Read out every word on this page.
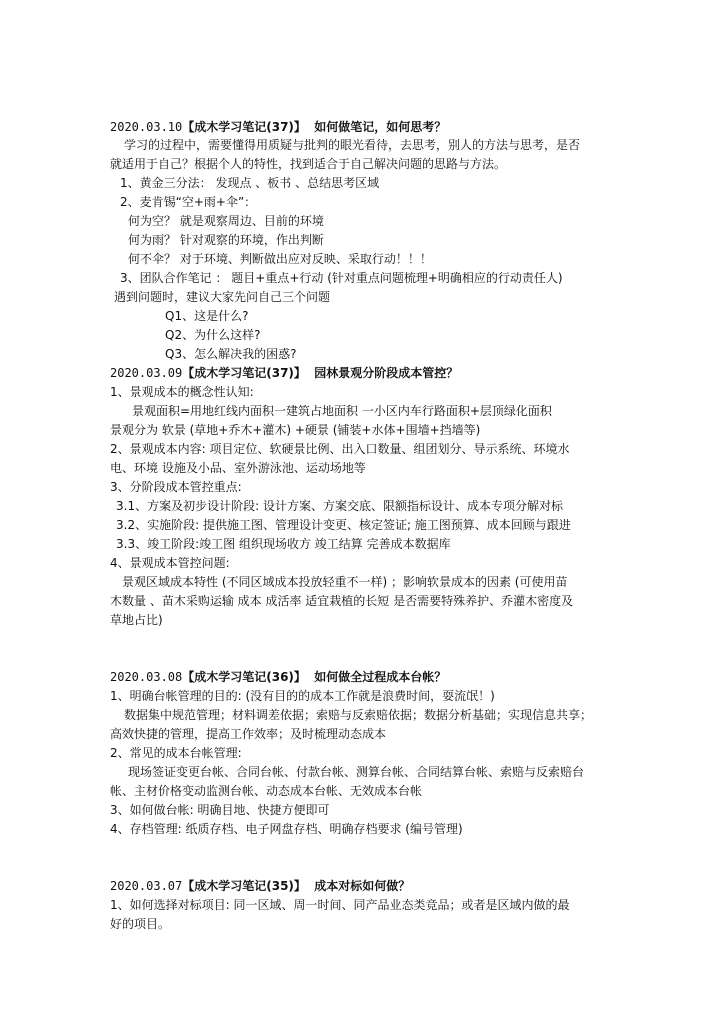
2020.03.10【成木学习笔记(37)】 如何做笔记，如何思考？
学习的过程中，需要懂得用质疑与批判的眼光看待，去思考，别人的方法与思考，是否
就适用于自己？根据个人的特性，找到适合于自己解决问题的思路与方法。
1、黄金三分法： 发现点 、板书 、总结思考区域
2、麦肯锡“空+雨+伞”：
何为空？ 就是观察周边、目前的环境
何为雨？ 针对观察的环境，作出判断
何不伞？ 对于环境、判断做出应对反映、采取行动！！！
3、团队合作笔记 ： 题目+重点+行动 (针对重点问题梳理+明确相应的行动责任人)
遇到问题时，建议大家先问自己三个问题
Q1、这是什么?
Q2、为什么这样?
Q3、怎么解决我的困惑?
2020.03.09【成木学习笔记(37)】 园林景观分阶段成本管控？
1、景观成本的概念性认知:
景观面积=用地红线内面积一建筑占地面积 一小区内车行路面积+层顶绿化面积
景观分为 软景 (草地+乔木+灌木) +硬景 (铺装+水体+围墙+挡墙等)
2、景观成本内容: 项目定位、软硬景比例、出入口数量、组团划分、导示系统、环境水
电、环境 设施及小品、室外游泳池、运动场地等
3、分阶段成本管控重点:
3.1、方案及初步设计阶段: 设计方案、方案交底、限额指标设计、成本专项分解对标
3.2、实施阶段: 提供施工图、管理设计变更、核定签证; 施工图预算、成本回顾与跟进
3.3、竣工阶段:竣工图 组织现场收方 竣工结算 完善成本数据库
4、景观成本管控问题:
景观区域成本特性 (不同区域成本投放轻重不一样) ；影响软景成本的因素 (可使用苗
木数量 、苗木采购运输 成本 成活率 适宜栽植的长短 是否需要特殊养护、乔灌木密度及
草地占比)
2020.03.08【成木学习笔记(36)】 如何做全过程成本台帐？
1、明确台帐管理的目的: (没有目的的成本工作就是浪费时间，耍流氓！)
数据集中规范管理；材料调差依据；索赔与反索赔依据；数据分析基础；实现信息共享；
高效快捷的管理，提高工作效率；及时梳理动态成本
2、常见的成本台帐管理:
现场签证变更台帐、合同台帐、付款台帐、测算台帐、合同结算台帐、索赔与反索赔台
帐、主材价格变动监测台帐、动态成本台帐、无效成本台帐
3、如何做台帐: 明确目地、快捷方便即可
4、存档管理: 纸质存档、电子网盘存档、明确存档要求 (编号管理)
2020.03.07【成木学习笔记(35)】 成本对标如何做？
1、如何选择对标项目: 同一区域、周一时间、同产品业态类竞品；或者是区域内做的最
好的项目。
